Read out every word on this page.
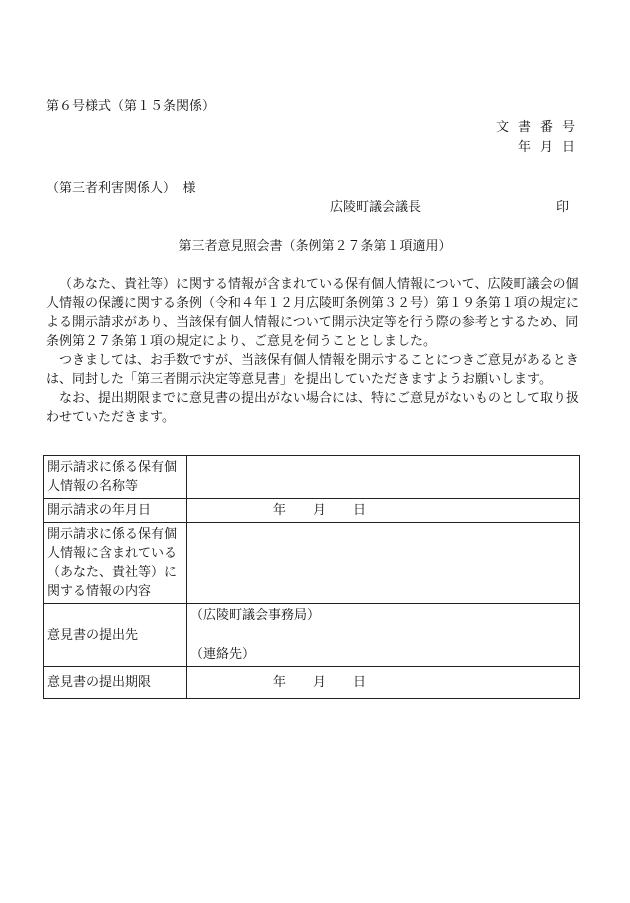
第６号様式（第１５条関係）
文書番号
年月日
（第三者利害関係人）　様
広陵町議会議長	印
第三者意見照会書（条例第２７条第１項適用）

（あなた、貴社等）に関する情報が含まれている保有個人情報について、広陵町議会の個人情報の保護に関する条例（令和４年１２月広陵町条例第３２号）第１９条第１項の規定による開示請求があり、当該保有個人情報について開示決定等を行う際の参考とするため、同条例第２７条第１項の規定により、ご意見を伺うこととしました。

つきましては、お手数ですが、当該保有個人情報を開示することにつきご意見があるときは、同封した「第三者開示決定等意見書」を提出していただきますようお願いします。

なお、提出期限までに意見書の提出がない場合には、特にご意見がないものとして取り扱わせていただきます。

開示請求に係る保有個人情報の名称等	
開示請求の年月日	年 月 日
開示請求に係る保有個人情報に含まれている（あなた、貴社等）に関する情報の内容	
意見書の提出先	（広陵町議会事務局）
（連絡先）

意見書の提出期限	年 月 日
